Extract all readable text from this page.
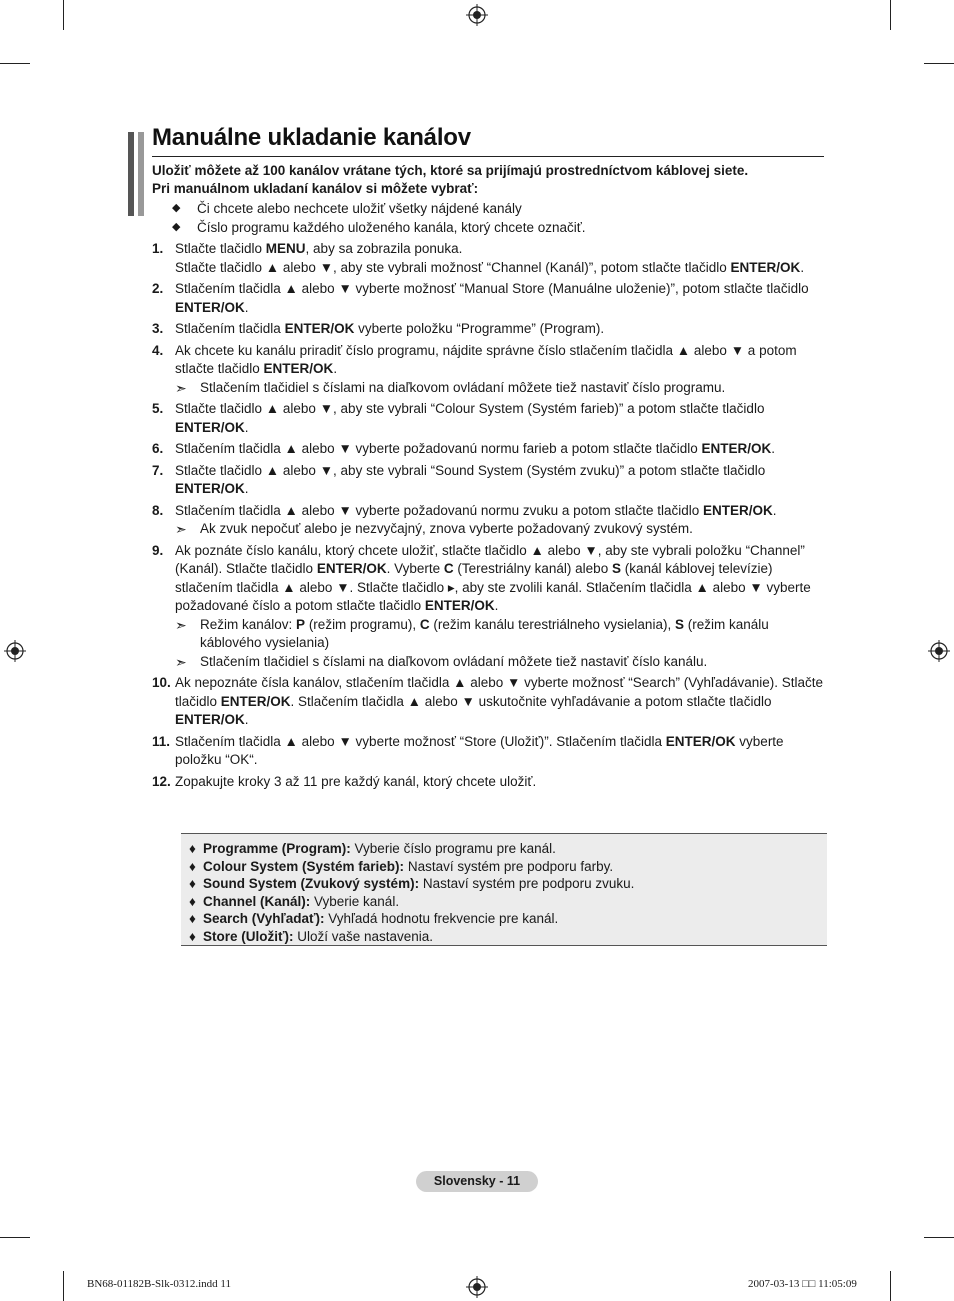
Manuálne ukladanie kanálov
Uložiť môžete až 100 kanálov vrátane tých, ktoré sa prijímajú prostredníctvom káblovej siete.
Pri manuálnom ukladaní kanálov si môžete vybrať:
◆	Či chcete alebo nechcete uložiť všetky nájdené kanály
◆	Číslo programu každého uloženého kanála, ktorý chcete označiť.
1. Stlačte tlačidlo MENU, aby sa zobrazila ponuka.
Stlačte tlačidlo ▲ alebo ▼, aby ste vybrali možnosť “Channel (Kanál)”, potom stlačte tlačidlo ENTER/OK.
2. Stlačením tlačidla ▲ alebo ▼ vyberte možnosť “Manual Store (Manuálne uloženie)”, potom stlačte tlačidlo ENTER/OK.
3. Stlačením tlačidla ENTER/OK vyberte položku “Programme” (Program).
4. Ak chcete ku kanálu priradiť číslo programu, nájdite správne číslo stlačením tlačidla ▲ alebo ▼ a potom stlačte tlačidlo ENTER/OK.
➣ Stlačením tlačidiel s číslami na diaľkovom ovládaní môžete tiež nastaviť číslo programu.
5. Stlačte tlačidlo ▲ alebo ▼, aby ste vybrali “Colour System (Systém farieb)” a potom stlačte tlačidlo ENTER/OK.
6. Stlačením tlačidla ▲ alebo ▼ vyberte požadovanú normu farieb a potom stlačte tlačidlo ENTER/OK.
7. Stlačte tlačidlo ▲ alebo ▼, aby ste vybrali “Sound System (Systém zvuku)” a potom stlačte tlačidlo ENTER/OK.
8. Stlačením tlačidla ▲ alebo ▼ vyberte požadovanú normu zvuku a potom stlačte tlačidlo ENTER/OK.
➣ Ak zvuk nepočuť alebo je nezvyčajný, znova vyberte požadovaný zvukový systém.
9. Ak poznáte číslo kanálu, ktorý chcete uložiť, stlačte tlačidlo ▲ alebo ▼, aby ste vybrali položku “Channel” (Kanál). Stlačte tlačidlo ENTER/OK. Vyberte C (Terestriálny kanál) alebo S (kanál káblovej televízie) stlačením tlačidla ▲ alebo ▼. Stlačte tlačidlo ▸, aby ste zvolili kanál. Stlačením tlačidla ▲ alebo ▼ vyberte požadované číslo a potom stlačte tlačidlo ENTER/OK.
➣ Režim kanálov: P (režim programu), C (režim kanálu terestriálneho vysielania), S (režim kanálu káblového vysielania)
➣ Stlačením tlačidiel s číslami na diaľkovom ovládaní môžete tiež nastaviť číslo kanálu.
10. Ak nepoznáte čísla kanálov, stlačením tlačidla ▲ alebo ▼ vyberte možnosť “Search” (Vyhľadávanie). Stlačte tlačidlo ENTER/OK. Stlačením tlačidla ▲ alebo ▼ uskutočnite vyhľadávanie a potom stlačte tlačidlo ENTER/OK.
11. Stlačením tlačidla ▲ alebo ▼ vyberte možnosť “Store (Uložiť)”. Stlačením tlačidla ENTER/OK vyberte položku “OK“.
12. Zopakujte kroky 3 až 11 pre každý kanál, ktorý chcete uložiť.
♦ Programme (Program): Vyberie číslo programu pre kanál.
♦ Colour System (Systém farieb): Nastaví systém pre podporu farby.
♦ Sound System (Zvukový systém): Nastaví systém pre podporu zvuku.
♦ Channel (Kanál): Vyberie kanál.
♦ Search (Vyhľadať): Vyhľadá hodnotu frekvencie pre kanál.
♦ Store (Uložiť): Uloží vaše nastavenia.
Slovensky - 11
BN68-01182B-Slk-0312.indd 11	2007-03-13 □□ 11:05:09
